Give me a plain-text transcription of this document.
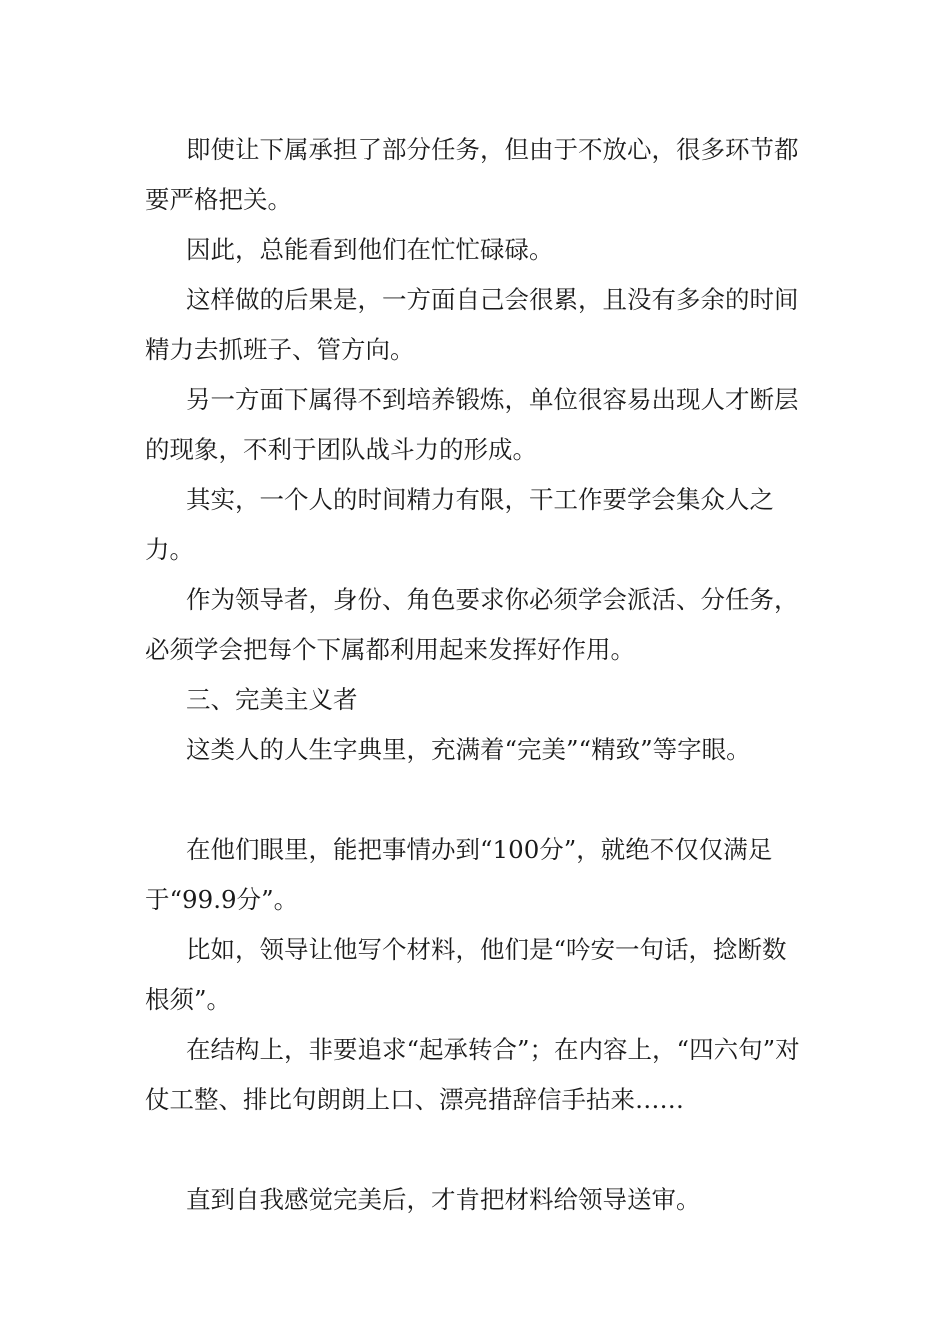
即使让下属承担了部分任务，但由于不放心，很多环节都要严格把关。

因此，总能看到他们在忙忙碌碌。

这样做的后果是，一方面自己会很累，且没有多余的时间精力去抓班子、管方向。

另一方面下属得不到培养锻炼，单位很容易出现人才断层的现象，不利于团队战斗力的形成。

其实，一个人的时间精力有限，干工作要学会集众人之力。

作为领导者，身份、角色要求你必须学会派活、分任务，必须学会把每个下属都利用起来发挥好作用。

三、完美主义者

这类人的人生字典里，充满着“完美”“精致”等字眼。

在他们眼里，能把事情办到“100分”，就绝不仅仅满足于“99.9分”。

比如，领导让他写个材料，他们是“吟安一句话，捻断数根须”。

在结构上，非要追求“起承转合”；在内容上，“四六句”对仗工整、排比句朗朗上口、漂亮措辞信手拈来……

直到自我感觉完美后，才肯把材料给领导送审。
